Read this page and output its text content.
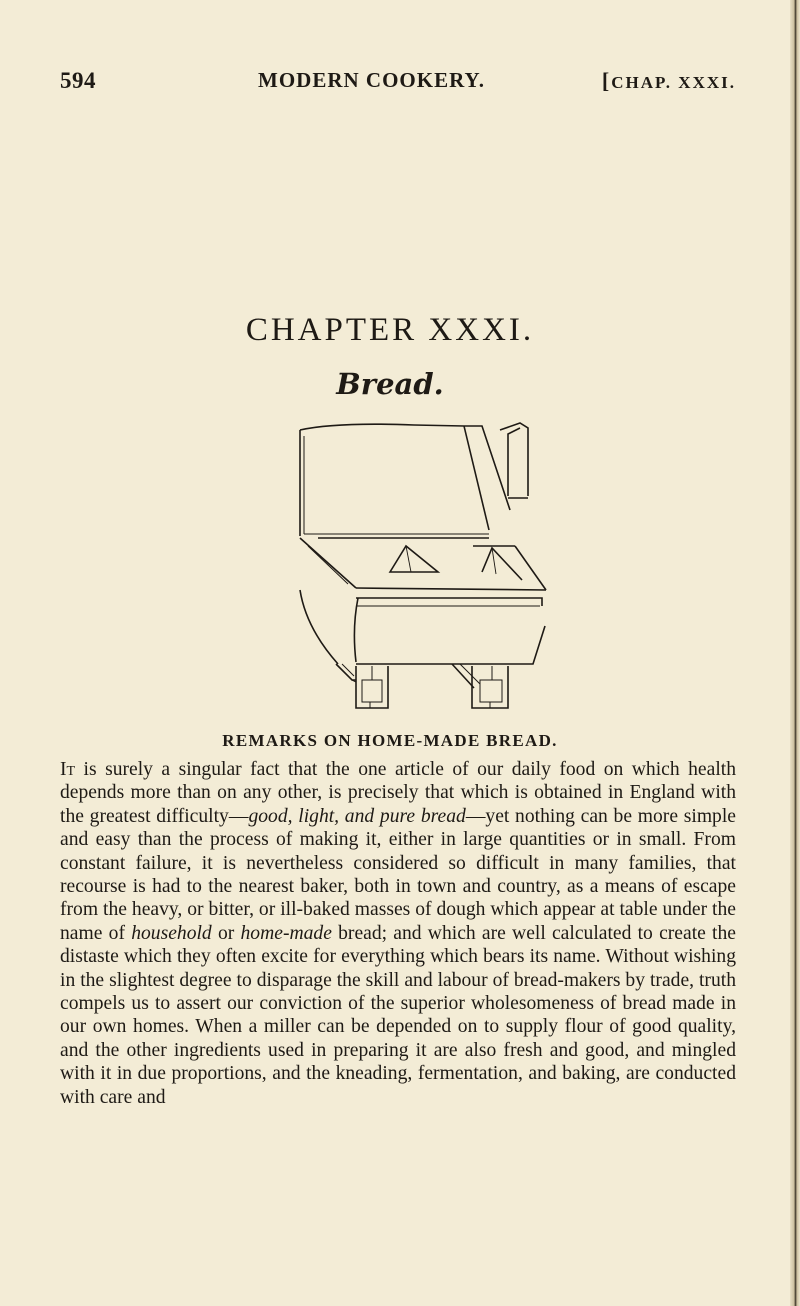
594	MODERN COOKERY.	[CHAP. XXXI.
CHAPTER XXXI.
Bread.
REMARKS ON HOME-MADE BREAD.

It is surely a singular fact that the one article of our daily food on which health depends more than on any other, is precisely that which is obtained in England with the greatest difficulty—good, light, and pure bread—yet nothing can be more simple and easy than the process of making it, either in large quantities or in small. From constant failure, it is nevertheless considered so difficult in many families, that recourse is had to the nearest baker, both in town and country, as a means of escape from the heavy, or bitter, or ill-baked masses of dough which appear at table under the name of household or home-made bread; and which are well calculated to create the distaste which they often excite for everything which bears its name. Without wishing in the slightest degree to disparage the skill and labour of bread-makers by trade, truth compels us to assert our conviction of the superior wholesomeness of bread made in our own homes. When a miller can be depended on to supply flour of good quality, and the other ingredients used in preparing it are also fresh and good, and mingled with it in due proportions, and the kneading, fermentation, and baking, are conducted with care and
